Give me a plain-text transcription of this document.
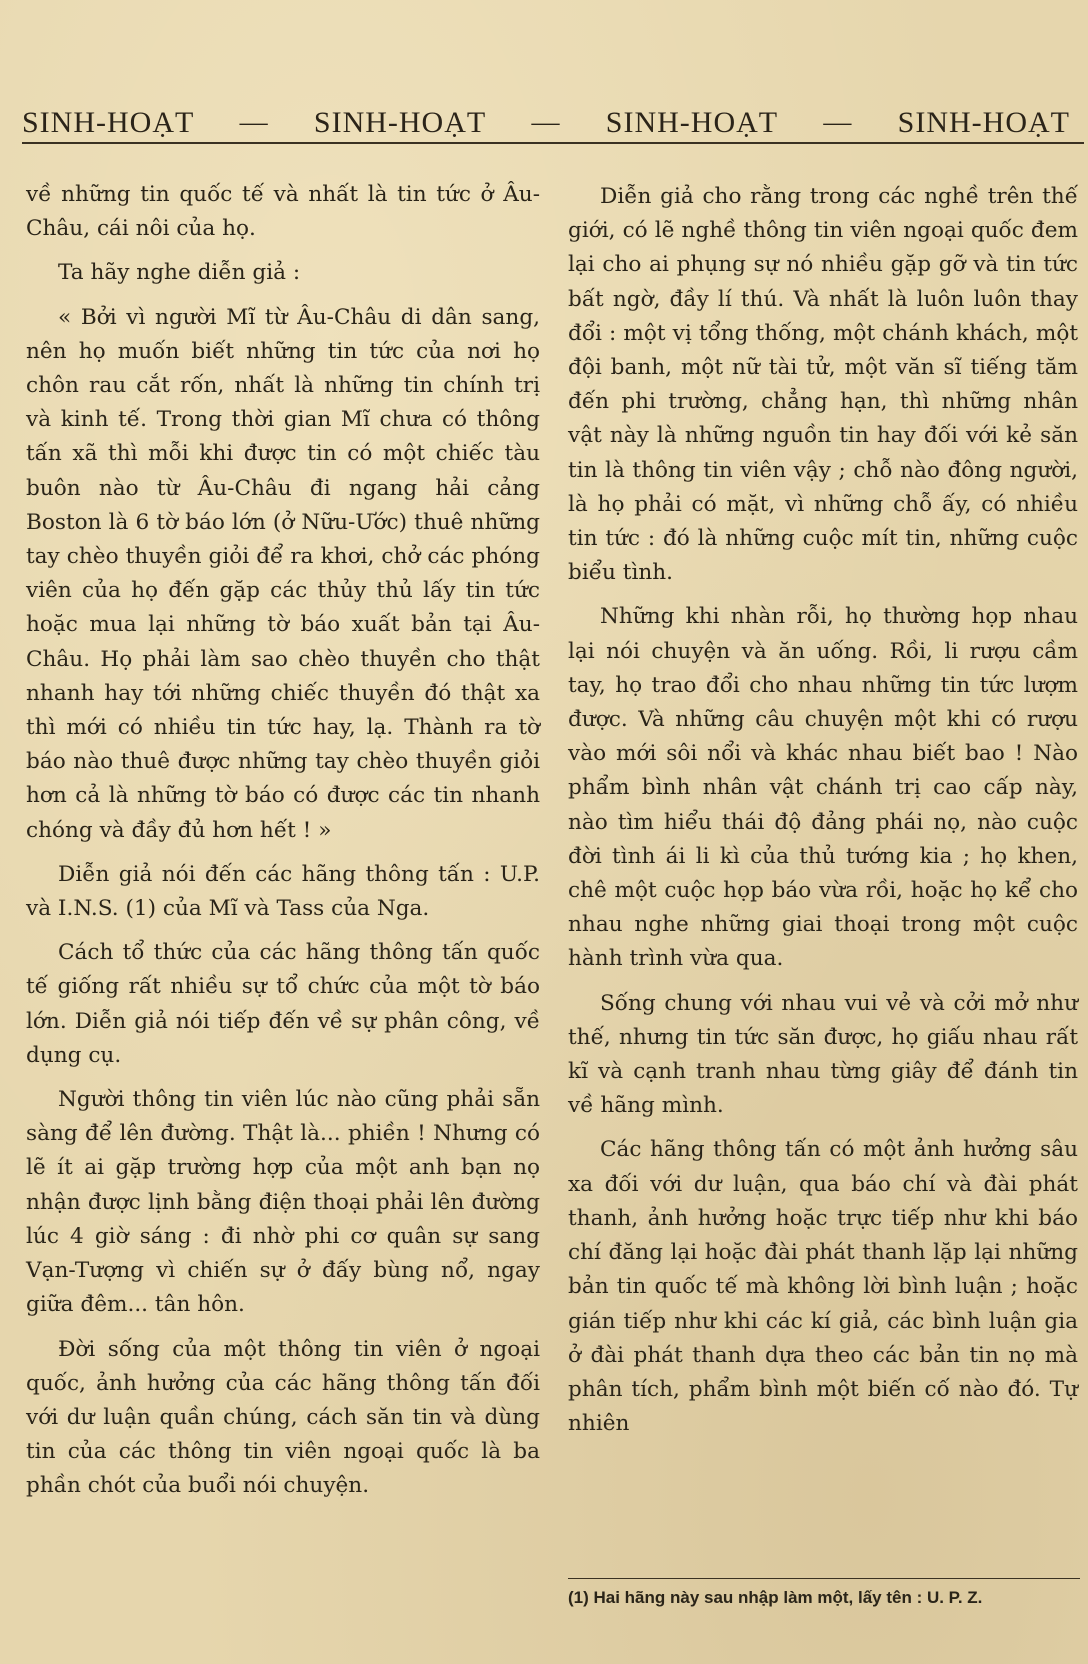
SINH-HOẠT — SINH-HOẠT — SINH-HOẠT — SINH-HOẠT

về những tin quốc tế và nhất là tin tức ở Âu-Châu, cái nôi của họ.

Ta hãy nghe diễn giả :

« Bởi vì người Mĩ từ Âu-Châu di dân sang, nên họ muốn biết những tin tức của nơi họ chôn rau cắt rốn, nhất là những tin chính trị và kinh tế. Trong thời gian Mĩ chưa có thông tấn xã thì mỗi khi được tin có một chiếc tàu buôn nào từ Âu-Châu đi ngang hải cảng Boston là 6 tờ báo lớn (ở Nữu-Ước) thuê những tay chèo thuyền giỏi để ra khơi, chở các phóng viên của họ đến gặp các thủy thủ lấy tin tức hoặc mua lại những tờ báo xuất bản tại Âu-Châu. Họ phải làm sao chèo thuyền cho thật nhanh hay tới những chiếc thuyền đó thật xa thì mới có nhiều tin tức hay, lạ. Thành ra tờ báo nào thuê được những tay chèo thuyền giỏi hơn cả là những tờ báo có được các tin nhanh chóng và đầy đủ hơn hết ! »

Diễn giả nói đến các hãng thông tấn : U.P. và I.N.S. (1) của Mĩ và Tass của Nga.

Cách tổ thức của các hãng thông tấn quốc tế giống rất nhiều sự tổ chức của một tờ báo lớn. Diễn giả nói tiếp đến về sự phân công, về dụng cụ.

Người thông tin viên lúc nào cũng phải sẵn sàng để lên đường. Thật là... phiền ! Nhưng có lẽ ít ai gặp trường hợp của một anh bạn nọ nhận được lịnh bằng điện thoại phải lên đường lúc 4 giờ sáng : đi nhờ phi cơ quân sự sang Vạn-Tượng vì chiến sự ở đấy bùng nổ, ngay giữa đêm... tân hôn.

Đời sống của một thông tin viên ở ngoại quốc, ảnh hưởng của các hãng thông tấn đối với dư luận quần chúng, cách săn tin và dùng tin của các thông tin viên ngoại quốc là ba phần chót của buổi nói chuyện.

Diễn giả cho rằng trong các nghề trên thế giới, có lẽ nghề thông tin viên ngoại quốc đem lại cho ai phụng sự nó nhiều gặp gỡ và tin tức bất ngờ, đầy lí thú. Và nhất là luôn luôn thay đổi : một vị tổng thống, một chánh khách, một đội banh, một nữ tài tử, một văn sĩ tiếng tăm đến phi trường, chẳng hạn, thì những nhân vật này là những nguồn tin hay đối với kẻ săn tin là thông tin viên vậy ; chỗ nào đông người, là họ phải có mặt, vì những chỗ ấy, có nhiều tin tức : đó là những cuộc mít tin, những cuộc biểu tình.

Những khi nhàn rỗi, họ thường họp nhau lại nói chuyện và ăn uống. Rồi, li rượu cầm tay, họ trao đổi cho nhau những tin tức lượm được. Và những câu chuyện một khi có rượu vào mới sôi nổi và khác nhau biết bao ! Nào phẩm bình nhân vật chánh trị cao cấp này, nào tìm hiểu thái độ đảng phái nọ, nào cuộc đời tình ái li kì của thủ tướng kia ; họ khen, chê một cuộc họp báo vừa rồi, hoặc họ kể cho nhau nghe những giai thoại trong một cuộc hành trình vừa qua.

Sống chung với nhau vui vẻ và cởi mở như thế, nhưng tin tức săn được, họ giấu nhau rất kĩ và cạnh tranh nhau từng giây để đánh tin về hãng mình.

Các hãng thông tấn có một ảnh hưởng sâu xa đối với dư luận, qua báo chí và đài phát thanh, ảnh hưởng hoặc trực tiếp như khi báo chí đăng lại hoặc đài phát thanh lặp lại những bản tin quốc tế mà không lời bình luận ; hoặc gián tiếp như khi các kí giả, các bình luận gia ở đài phát thanh dựa theo các bản tin nọ mà phân tích, phẩm bình một biến cố nào đó. Tự nhiên

(1) Hai hãng này sau nhập làm một, lấy tên : U. P. Z.
